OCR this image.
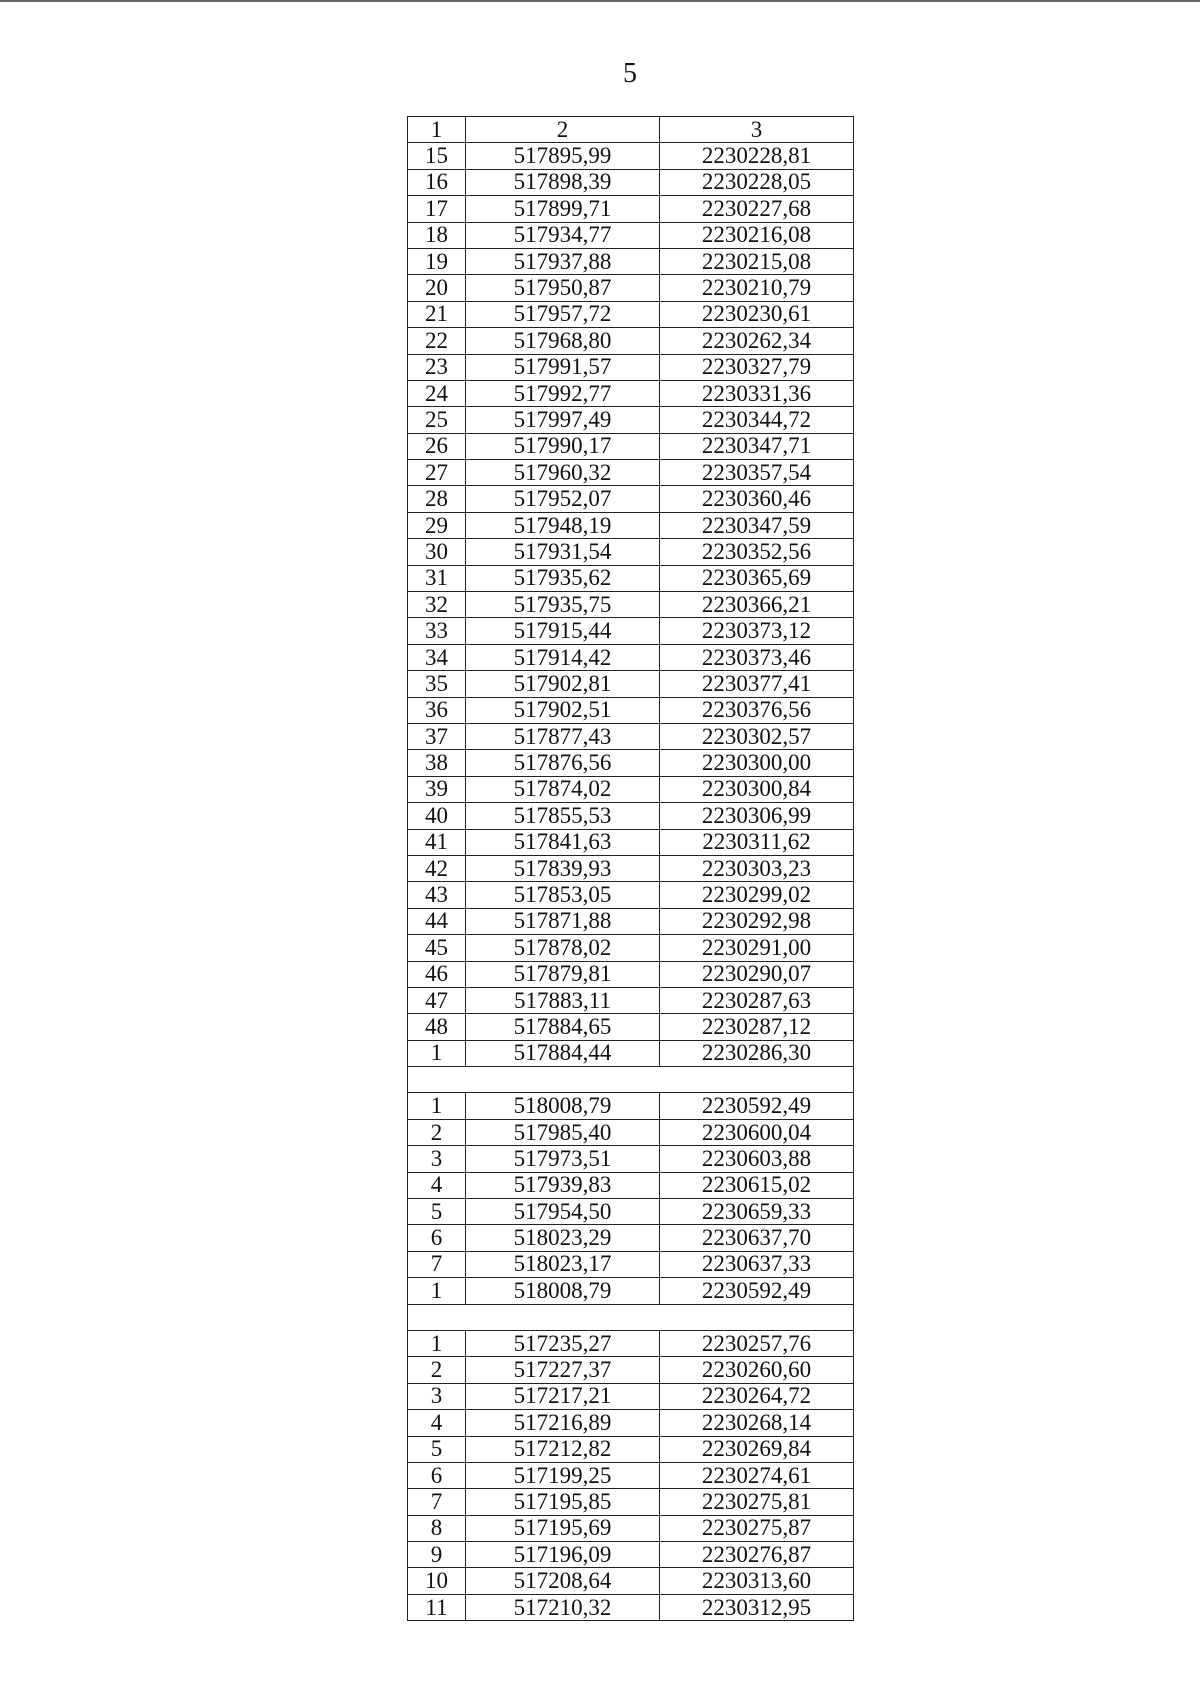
5
1	2	3
15	517895,99	2230228,81
16	517898,39	2230228,05
17	517899,71	2230227,68
18	517934,77	2230216,08
19	517937,88	2230215,08
20	517950,87	2230210,79
21	517957,72	2230230,61
22	517968,80	2230262,34
23	517991,57	2230327,79
24	517992,77	2230331,36
25	517997,49	2230344,72
26	517990,17	2230347,71
27	517960,32	2230357,54
28	517952,07	2230360,46
29	517948,19	2230347,59
30	517931,54	2230352,56
31	517935,62	2230365,69
32	517935,75	2230366,21
33	517915,44	2230373,12
34	517914,42	2230373,46
35	517902,81	2230377,41
36	517902,51	2230376,56
37	517877,43	2230302,57
38	517876,56	2230300,00
39	517874,02	2230300,84
40	517855,53	2230306,99
41	517841,63	2230311,62
42	517839,93	2230303,23
43	517853,05	2230299,02
44	517871,88	2230292,98
45	517878,02	2230291,00
46	517879,81	2230290,07
47	517883,11	2230287,63
48	517884,65	2230287,12
1	517884,44	2230286,30

1	518008,79	2230592,49
2	517985,40	2230600,04
3	517973,51	2230603,88
4	517939,83	2230615,02
5	517954,50	2230659,33
6	518023,29	2230637,70
7	518023,17	2230637,33
1	518008,79	2230592,49

1	517235,27	2230257,76
2	517227,37	2230260,60
3	517217,21	2230264,72
4	517216,89	2230268,14
5	517212,82	2230269,84
6	517199,25	2230274,61
7	517195,85	2230275,81
8	517195,69	2230275,87
9	517196,09	2230276,87
10	517208,64	2230313,60
11	517210,32	2230312,95
